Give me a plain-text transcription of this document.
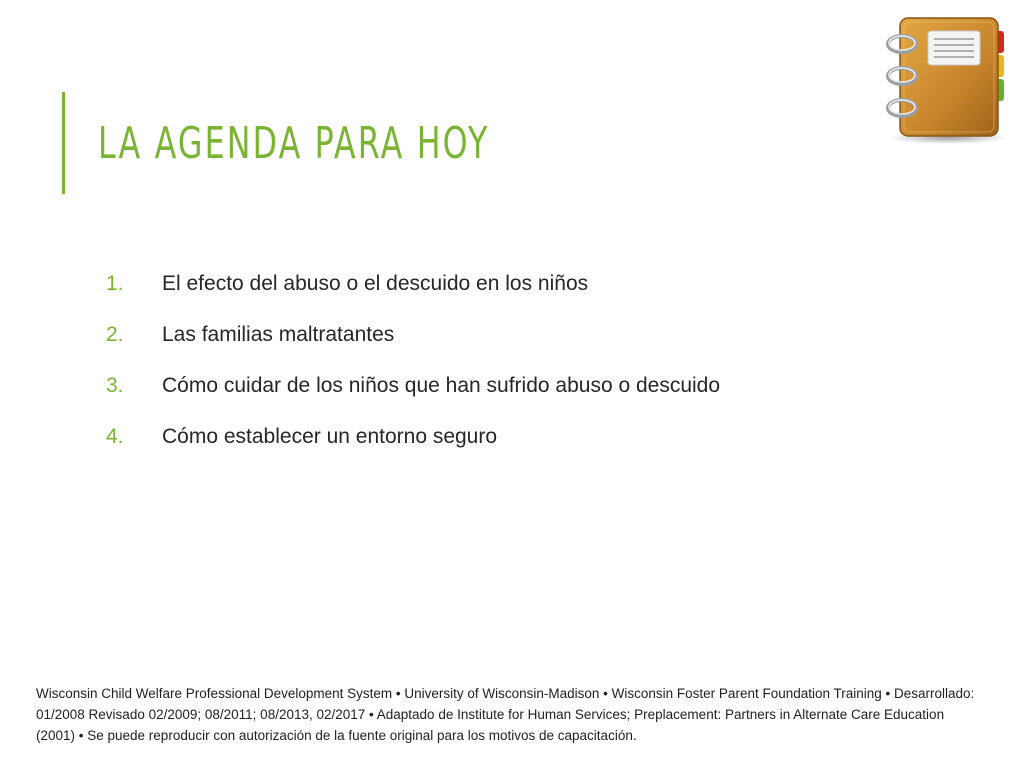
LA AGENDA PARA HOY
1.	El efecto del abuso o el descuido en los niños
2.	Las familias maltratantes
3.	Cómo cuidar de los niños que han sufrido abuso o descuido
4.	Cómo establecer un entorno seguro
Wisconsin Child Welfare Professional Development System • University of Wisconsin-Madison • Wisconsin Foster Parent Foundation Training • Desarrollado: 01/2008 Revisado 02/2009; 08/2011; 08/2013, 02/2017 • Adaptado de Institute for Human Services; Preplacement: Partners in Alternate Care Education (2001) • Se puede reproducir con autorización de la fuente original para los motivos de capacitación.
